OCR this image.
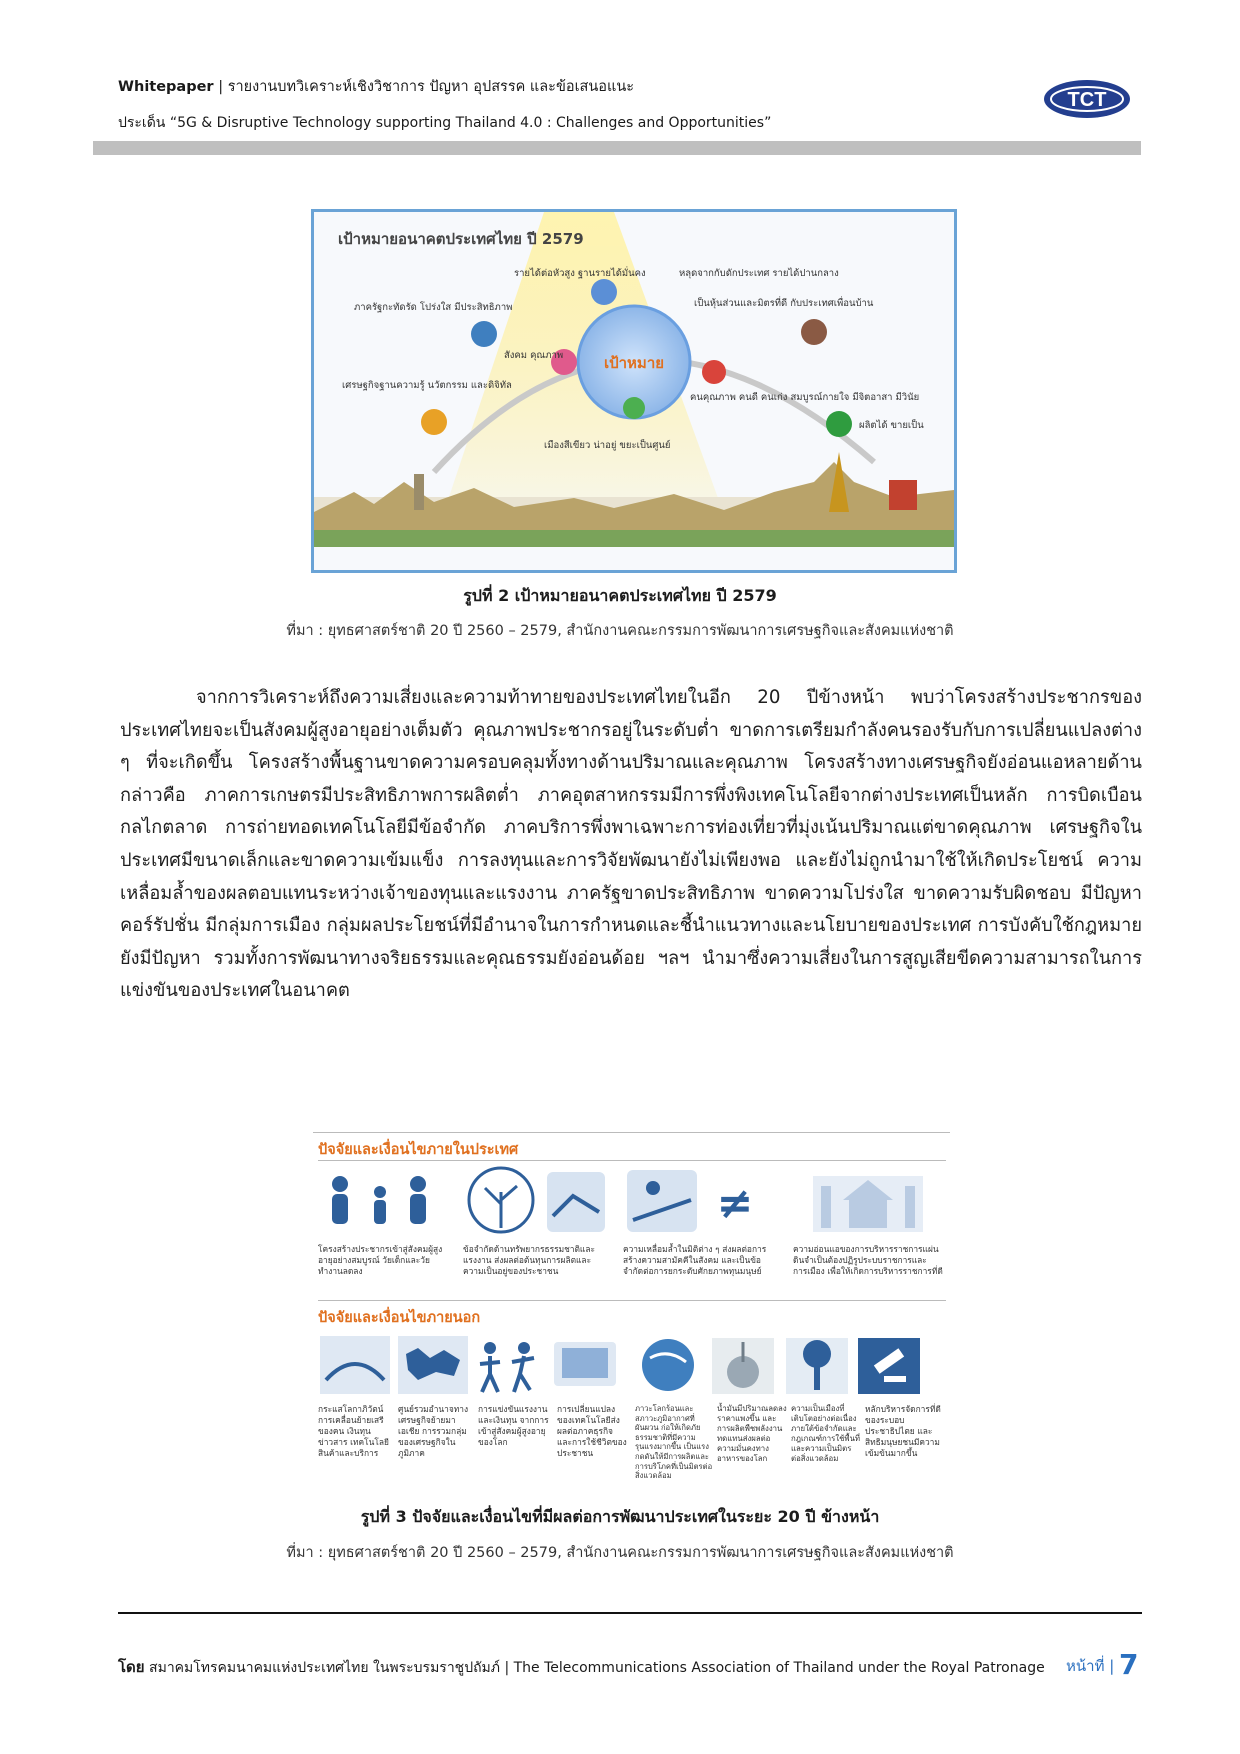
Whitepaper | รายงานบทวิเคราะห์เชิงวิชาการ ปัญหา อุปสรรค และข้อเสนอแนะ
ประเด็น “5G & Disruptive Technology supporting Thailand 4.0 : Challenges and Opportunities”
TCT
เป้าหมาย
เป้าหมายอนาคตประเทศไทย ปี 2579
รายได้ต่อหัวสูง ฐานรายได้มั่นคง	หลุดจากกับดักประเทศ รายได้ปานกลาง
ภาครัฐกะทัดรัด โปร่งใส มีประสิทธิภาพ	เป็นหุ้นส่วนและมิตรที่ดี กับประเทศเพื่อนบ้าน
สังคม คุณภาพ
คนคุณภาพ คนดี คนเก่ง สมบูรณ์กายใจ มีจิตอาสา มีวินัย
เศรษฐกิจฐานความรู้ นวัตกรรม และดิจิทัล
ผลิตได้ ขายเป็น
เมืองสีเขียว น่าอยู่ ขยะเป็นศูนย์
รูปที่ 2 เป้าหมายอนาคตประเทศไทย ปี 2579
ที่มา : ยุทธศาสตร์ชาติ 20 ปี 2560 – 2579, สำนักงานคณะกรรมการพัฒนาการเศรษฐกิจและสังคมแห่งชาติ

จากการวิเคราะห์ถึงความเสี่ยงและความท้าทายของประเทศไทยในอีก 20 ปีข้างหน้า พบว่าโครงสร้างประชากรของประเทศไทยจะเป็นสังคมผู้สูงอายุอย่างเต็มตัว คุณภาพประชากรอยู่ในระดับต่ำ ขาดการเตรียมกำลังคนรองรับกับการเปลี่ยนแปลงต่าง ๆ ที่จะเกิดขึ้น โครงสร้างพื้นฐานขาดความครอบคลุมทั้งทางด้านปริมาณและคุณภาพ โครงสร้างทางเศรษฐกิจยังอ่อนแอหลายด้าน กล่าวคือ ภาคการเกษตรมีประสิทธิภาพการผลิตต่ำ ภาคอุตสาหกรรมมีการพึ่งพิงเทคโนโลยีจากต่างประเทศเป็นหลัก การบิดเบือนกลไกตลาด การถ่ายทอดเทคโนโลยีมีข้อจำกัด ภาคบริการพึ่งพาเฉพาะการท่องเที่ยวที่มุ่งเน้นปริมาณแต่ขาดคุณภาพ เศรษฐกิจในประเทศมีขนาดเล็กและขาดความเข้มแข็ง การลงทุนและการวิจัยพัฒนายังไม่เพียงพอ และยังไม่ถูกนำมาใช้ให้เกิดประโยชน์ ความเหลื่อมล้ำของผลตอบแทนระหว่างเจ้าของทุนและแรงงาน ภาครัฐขาดประสิทธิภาพ ขาดความโปร่งใส ขาดความรับผิดชอบ มีปัญหาคอร์รัปชั่น มีกลุ่มการเมือง กลุ่มผลประโยชน์ที่มีอำนาจในการกำหนดและชี้นำแนวทางและนโยบายของประเทศ การบังคับใช้กฎหมายยังมีปัญหา รวมทั้งการพัฒนาทางจริยธรรมและคุณธรรมยังอ่อนด้อย ฯลฯ นำมาซึ่งความเสี่ยงในการสูญเสียขีดความสามารถในการแข่งขันของประเทศในอนาคต

ปัจจัยและเงื่อนไขภายในประเทศ
≠
โครงสร้างประชากรเข้าสู่สังคมผู้สูงอายุอย่างสมบูรณ์ วัยเด็กและวัยทำงานลดลง
ข้อจำกัดด้านทรัพยากรธรรมชาติและแรงงาน ส่งผลต่อต้นทุนการผลิตและความเป็นอยู่ของประชาชน
ความเหลื่อมล้ำในมิติต่าง ๆ ส่งผลต่อการสร้างความสามัคคีในสังคม และเป็นข้อจำกัดต่อการยกระดับศักยภาพทุนมนุษย์
ความอ่อนแอของการบริหารราชการแผ่นดินจำเป็นต้องปฏิรูประบบราชการและการเมือง เพื่อให้เกิดการบริหารราชการที่ดี
ปัจจัยและเงื่อนไขภายนอก
กระแสโลกาภิวัตน์ การเคลื่อนย้ายเสรีของคน เงินทุน ข่าวสาร เทคโนโลยี สินค้าและบริการ
ศูนย์รวมอำนาจทางเศรษฐกิจย้ายมาเอเชีย การรวมกลุ่มของเศรษฐกิจในภูมิภาค
การแข่งขันแรงงานและเงินทุน จากการเข้าสู่สังคมผู้สูงอายุของโลก
การเปลี่ยนแปลงของเทคโนโลยีส่งผลต่อภาคธุรกิจและการใช้ชีวิตของประชาชน
ภาวะโลกร้อนและสภาวะภูมิอากาศที่ผันผวน ก่อให้เกิดภัยธรรมชาติที่มีความรุนแรงมากขึ้น เป็นแรงกดดันให้มีการผลิตและการบริโภคที่เป็นมิตรต่อสิ่งแวดล้อม
น้ำมันมีปริมาณลดลง ราคาแพงขึ้น และการผลิตพืชพลังงานทดแทนส่งผลต่อความมั่นคงทางอาหารของโลก
ความเป็นเมืองที่เติบโตอย่างต่อเนื่อง ภายใต้ข้อจำกัดและกฎเกณฑ์การใช้พื้นที่และความเป็นมิตรต่อสิ่งแวดล้อม
หลักบริหารจัดการที่ดีของระบอบประชาธิปไตย และสิทธิมนุษยชนมีความเข้มข้นมากขึ้น
รูปที่ 3 ปัจจัยและเงื่อนไขที่มีผลต่อการพัฒนาประเทศในระยะ 20 ปี ข้างหน้า
ที่มา : ยุทธศาสตร์ชาติ 20 ปี 2560 – 2579, สำนักงานคณะกรรมการพัฒนาการเศรษฐกิจและสังคมแห่งชาติ
โดย สมาคมโทรคมนาคมแห่งประเทศไทย ในพระบรมราชูปถัมภ์ | The Telecommunications Association of Thailand under the Royal Patronage หน้าที่ | 7
